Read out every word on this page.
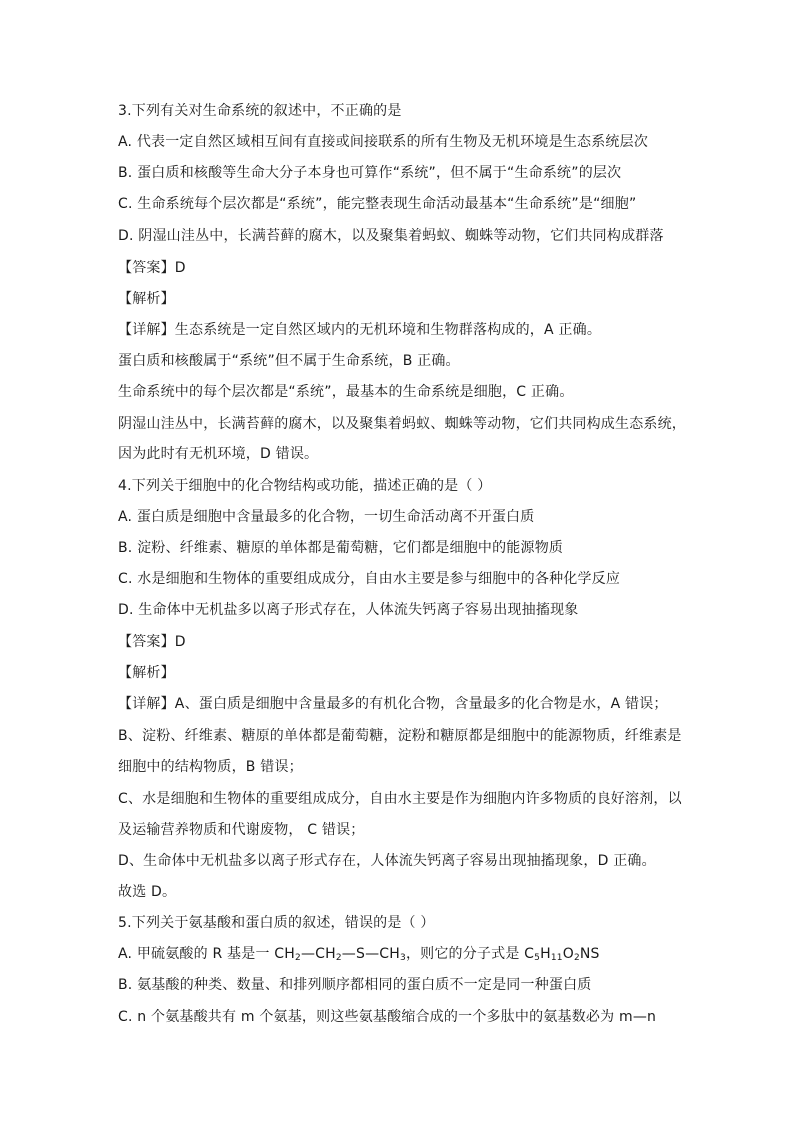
3.下列有关对生命系统的叙述中，不正确的是
A. 代表一定自然区域相互间有直接或间接联系的所有生物及无机环境是生态系统层次
B. 蛋白质和核酸等生命大分子本身也可算作“系统”，但不属于“生命系统”的层次
C. 生命系统每个层次都是“系统”，能完整表现生命活动最基本“生命系统”是“细胞”
D. 阴湿山洼丛中，长满苔藓的腐木，以及聚集着蚂蚁、蜘蛛等动物，它们共同构成群落
【答案】D
【解析】
【详解】生态系统是一定自然区域内的无机环境和生物群落构成的，A 正确。
蛋白质和核酸属于“系统”但不属于生命系统，B 正确。
生命系统中的每个层次都是“系统”，最基本的生命系统是细胞，C 正确。
阴湿山洼丛中，长满苔藓的腐木，以及聚集着蚂蚁、蜘蛛等动物，它们共同构成生态系统，
因为此时有无机环境，D 错误。
4.下列关于细胞中的化合物结构或功能，描述正确的是（ ）
A. 蛋白质是细胞中含量最多的化合物，一切生命活动离不开蛋白质
B. 淀粉、纤维素、糖原的单体都是葡萄糖，它们都是细胞中的能源物质
C. 水是细胞和生物体的重要组成成分，自由水主要是参与细胞中的各种化学反应
D. 生命体中无机盐多以离子形式存在，人体流失钙离子容易出现抽搐现象
【答案】D
【解析】
【详解】A、蛋白质是细胞中含量最多的有机化合物，含量最多的化合物是水，A 错误；
B、淀粉、纤维素、糖原的单体都是葡萄糖，淀粉和糖原都是细胞中的能源物质，纤维素是
细胞中的结构物质，B 错误；
C、水是细胞和生物体的重要组成成分，自由水主要是作为细胞内许多物质的良好溶剂，以
及运输营养物质和代谢废物， C 错误；
D、生命体中无机盐多以离子形式存在，人体流失钙离子容易出现抽搐现象，D 正确。
故选 D。
5.下列关于氨基酸和蛋白质的叙述，错误的是（ ）
A. 甲硫氨酸的 R 基是一 $CH_2—CH_2—S—CH_3$，则它的分子式是 $C_5H_{11}O_2NS$
B. 氨基酸的种类、数量、和排列顺序都相同的蛋白质不一定是同一种蛋白质
C. n 个氨基酸共有 m 个氨基，则这些氨基酸缩合成的一个多肽中的氨基数必为 m—n
